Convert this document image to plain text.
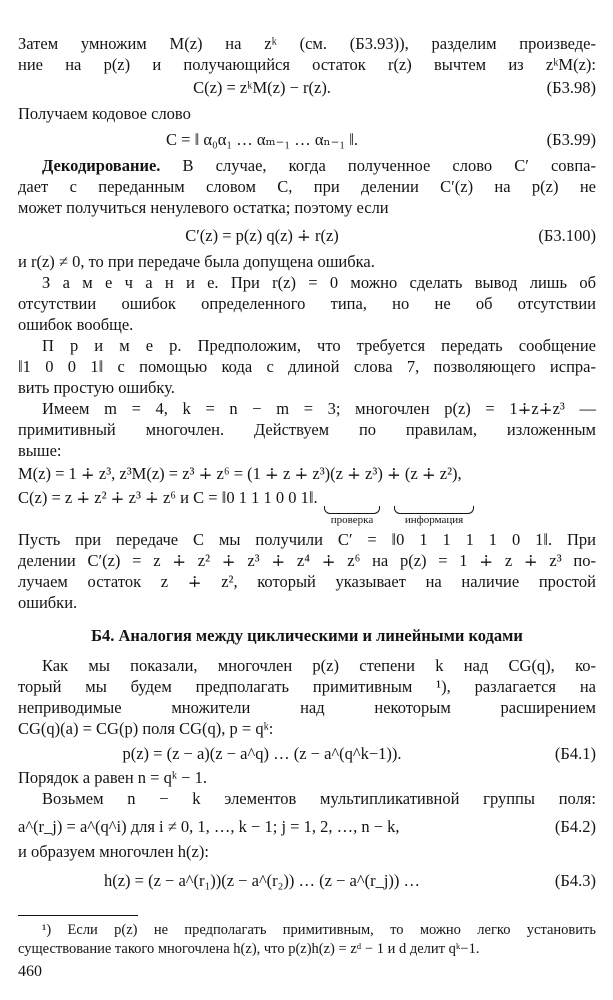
Затем умножим M(z) на zᵏ (см. (Б3.93)), разделим произведе-
ние на p(z) и получающийся остаток r(z) вычтем из zᵏM(z):
C(z) = zᵏM(z) − r(z).	(Б3.98)
Получаем кодовое слово
C = ‖ α₀α₁ … αₘ₋₁ … αₙ₋₁ ‖.	(Б3.99)
Декодирование. В случае, когда полученное слово C′ совпа-
дает с переданным словом C, при делении C′(z) на p(z) не
может получиться ненулевого остатка; поэтому если
C′(z) = p(z) q(z) ∔ r(z)	(Б3.100)
и r(z) ≠ 0, то при передаче была допущена ошибка.
З а м е ч а н и е. При r(z) = 0 можно сделать вывод лишь об
отсутствии ошибок определенного типа, но не об отсутствии
ошибок вообще.
П р и м е р. Предположим, что требуется передать сообщение
‖1 0 0 1‖ с помощью кода с длиной слова 7, позволяющего испра-
вить простую ошибку.
Имеем m = 4, k = n − m = 3; многочлен p(z) = 1∔z∔z³ —
примитивный многочлен. Действуем по правилам, изложенным
выше:
M(z) = 1 ∔ z³, z³M(z) = z³ ∔ z⁶ = (1 ∔ z ∔ z³)(z ∔ z³) ∔ (z ∔ z²),
C(z) = z ∔ z² ∔ z³ ∔ z⁶ и C = ‖0 1 1 1 0 0 1‖.
проверка	информация
Пусть при передаче C мы получили C′ = ‖0 1 1 1 1 0 1‖. При
делении C′(z) = z ∔ z² ∔ z³ ∔ z⁴ ∔ z⁶ на p(z) = 1 ∔ z ∔ z³ по-
лучаем остаток z ∔ z², который указывает на наличие простой
ошибки.
Б4. Аналогия между циклическими и линейными кодами
Как мы показали, многочлен p(z) степени k над CG(q), ко-
торый мы будем предполагать примитивным ¹), разлагается на
неприводимые множители над некоторым расширением
CG(q)(a) = CG(p) поля CG(q), p = qᵏ:
p(z) = (z − a)(z − a^q) … (z − a^(q^k−1)).	(Б4.1)
Порядок a равен n = qᵏ − 1.
Возьмем n − k элементов мультипликативной группы поля:
a^(r_j) = a^(q^i) для i ≠ 0, 1, …, k − 1; j = 1, 2, …, n − k,	(Б4.2)
и образуем многочлен h(z):
h(z) = (z − a^(r₁))(z − a^(r₂)) … (z − a^(r_j)) …	(Б4.3)
¹) Если p(z) не предполагать примитивным, то можно легко установить
существование такого многочлена h(z), что p(z)h(z) = zᵈ − 1 и d делит qᵏ−1.
460
